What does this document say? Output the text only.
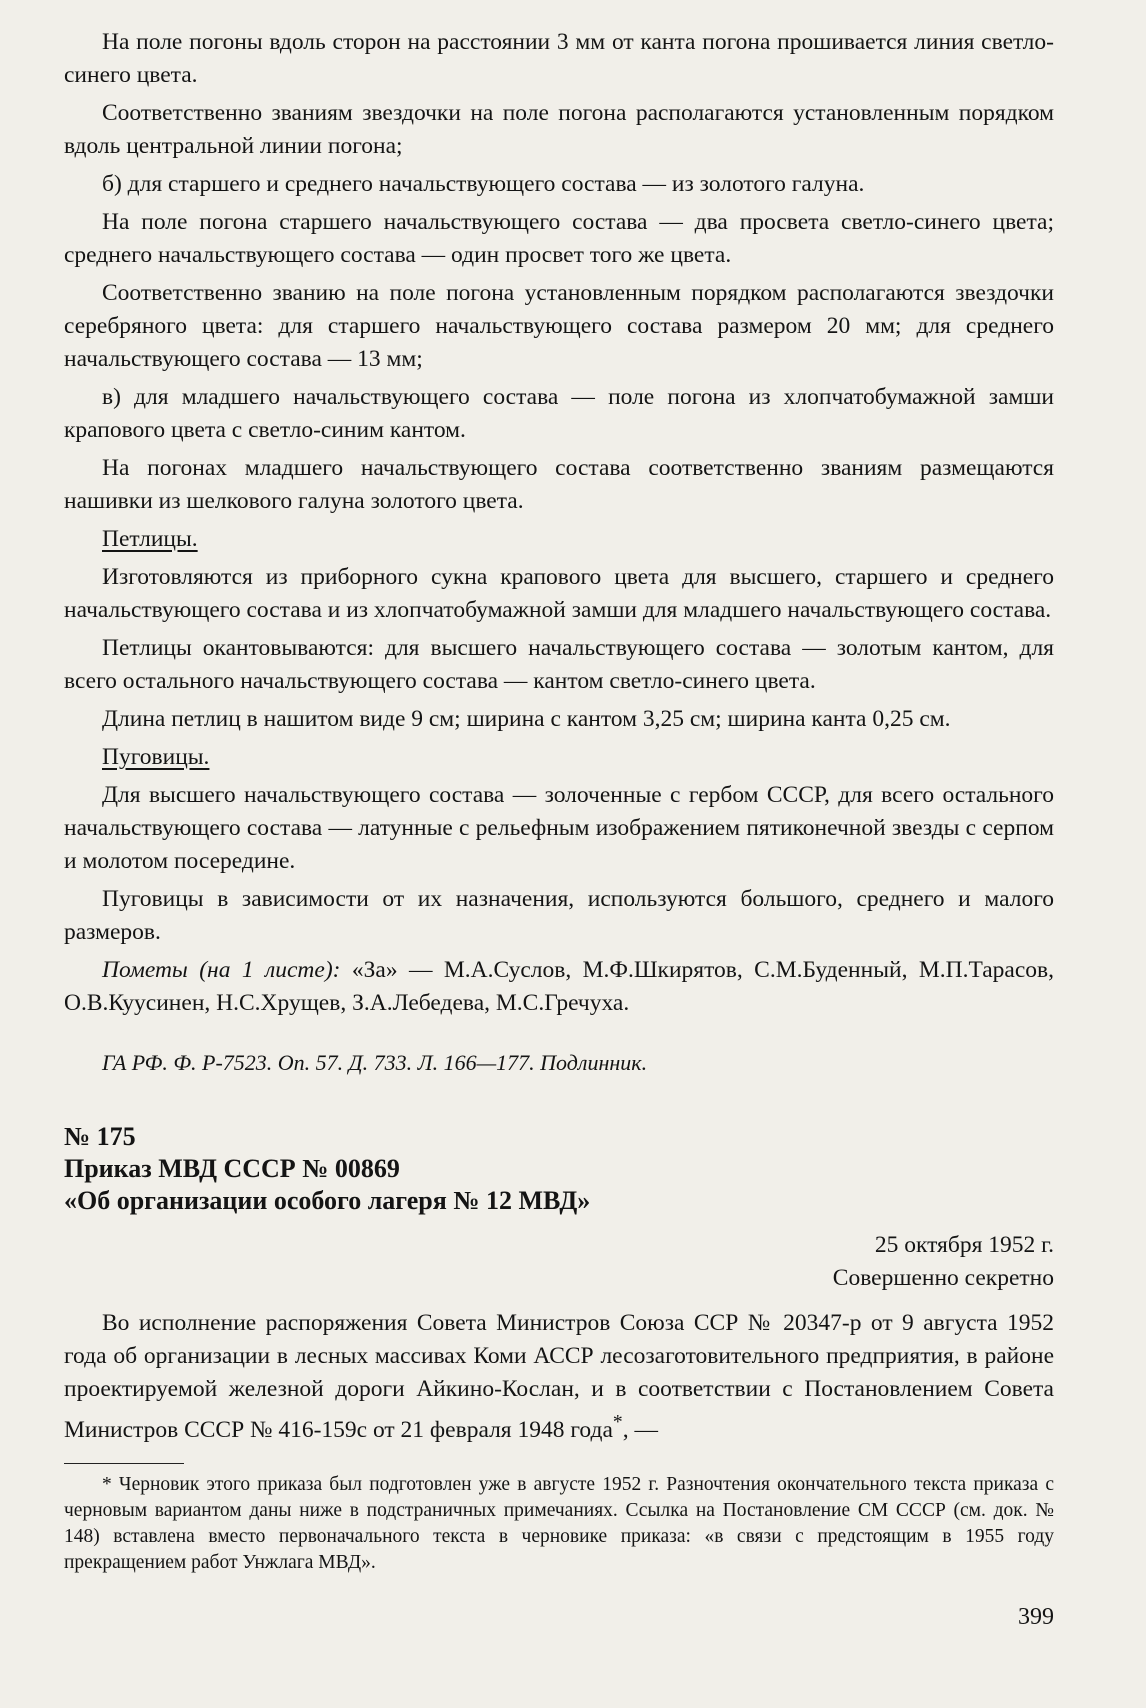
На поле погоны вдоль сторон на расстоянии 3 мм от канта погона прошивается линия светло-синего цвета.

Соответственно званиям звездочки на поле погона располагаются установленным порядком вдоль центральной линии погона;

б) для старшего и среднего начальствующего состава — из золотого галуна.

На поле погона старшего начальствующего состава — два просвета светло-синего цвета; среднего начальствующего состава — один просвет того же цвета.

Соответственно званию на поле погона установленным порядком располагаются звездочки серебряного цвета: для старшего начальствующего состава размером 20 мм; для среднего начальствующего состава — 13 мм;

в) для младшего начальствующего состава — поле погона из хлопчатобумажной замши крапового цвета с светло-синим кантом.

На погонах младшего начальствующего состава соответственно званиям размещаются нашивки из шелкового галуна золотого цвета.

Петлицы.

Изготовляются из приборного сукна крапового цвета для высшего, старшего и среднего начальствующего состава и из хлопчатобумажной замши для младшего начальствующего состава.

Петлицы окантовываются: для высшего начальствующего состава — золотым кантом, для всего остального начальствующего состава — кантом светло-синего цвета.

Длина петлиц в нашитом виде 9 см; ширина с кантом 3,25 см; ширина канта 0,25 см.

Пуговицы.

Для высшего начальствующего состава — золоченные с гербом СССР, для всего остального начальствующего состава — латунные с рельефным изображением пятиконечной звезды с серпом и молотом посередине.

Пуговицы в зависимости от их назначения, используются большого, среднего и малого размеров.

Пометы (на 1 листе): «За» — М.А.Суслов, М.Ф.Шкирятов, С.М.Буденный, М.П.Тарасов, О.В.Куусинен, Н.С.Хрущев, З.А.Лебедева, М.С.Гречуха.

ГА РФ. Ф. Р-7523. Оп. 57. Д. 733. Л. 166—177. Подлинник.

№ 175
Приказ МВД СССР № 00869
«Об организации особого лагеря № 12 МВД»

25 октября 1952 г.

Совершенно секретно

Во исполнение распоряжения Совета Министров Союза ССР № 20347-р от 9 августа 1952 года об организации в лесных массивах Коми АССР лесозаготовительного предприятия, в районе проектируемой железной дороги Айкино-Кослан, и в соответствии с Постановлением Совета Министров СССР № 416-159с от 21 февраля 1948 года*, —

* Черновик этого приказа был подготовлен уже в августе 1952 г. Разночтения окончательного текста приказа с черновым вариантом даны ниже в подстраничных примечаниях. Ссылка на Постановление СМ СССР (см. док. № 148) вставлена вместо первоначального текста в черновике приказа: «в связи с предстоящим в 1955 году прекращением работ Унжлага МВД».

399
